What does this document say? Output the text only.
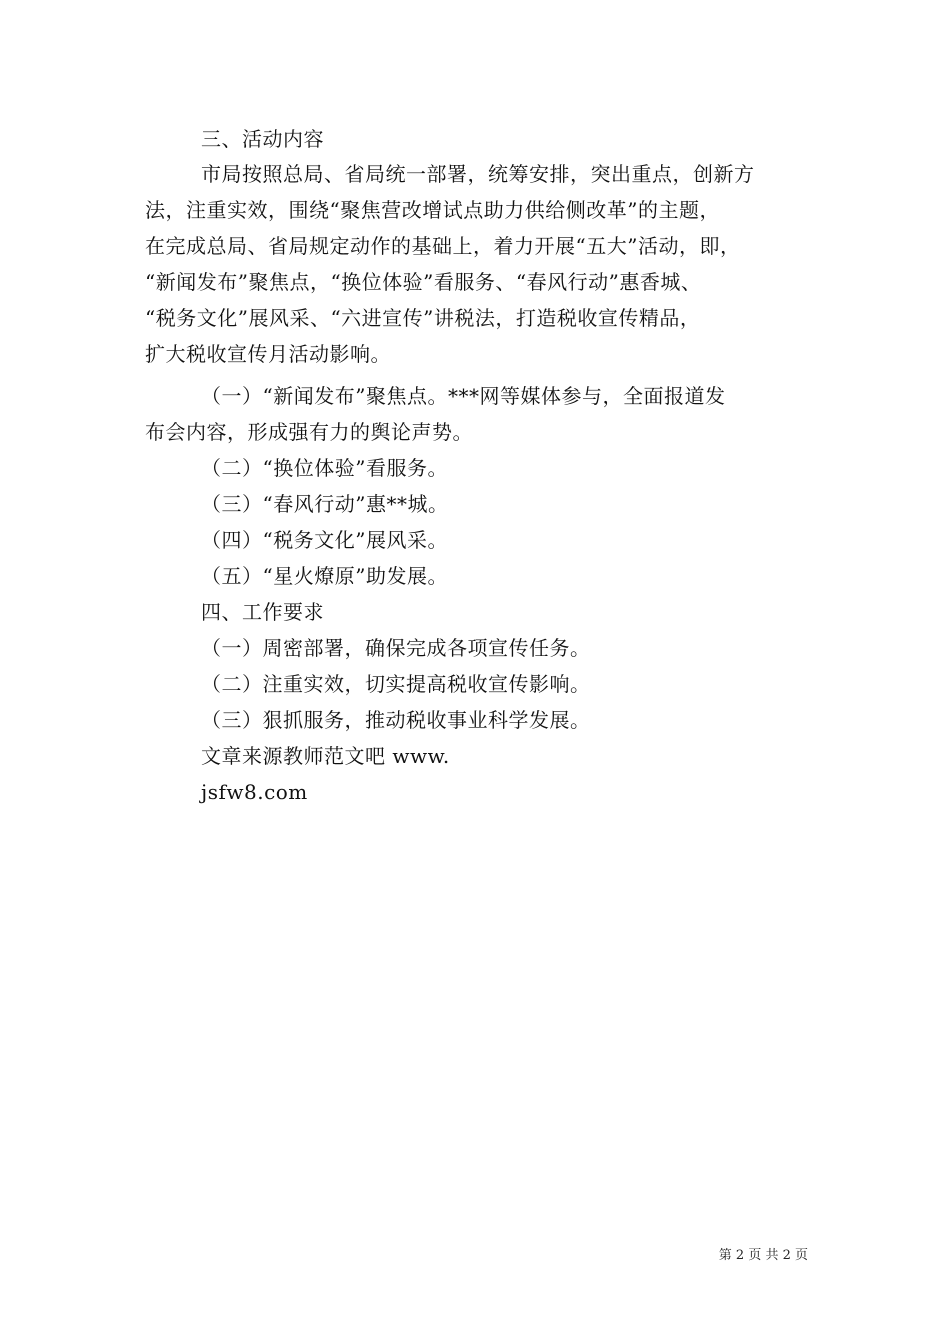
三、活动内容
市局按照总局、省局统一部署，统筹安排，突出重点，创新方
法，注重实效，围绕“聚焦营改增试点助力供给侧改革”的主题，
在完成总局、省局规定动作的基础上，着力开展“五大”活动，即，
“新闻发布”聚焦点，“换位体验”看服务、“春风行动”惠香城、
“税务文化”展风采、“六进宣传”讲税法，打造税收宣传精品，
扩大税收宣传月活动影响。
（一）“新闻发布”聚焦点。***网等媒体参与，全面报道发
布会内容，形成强有力的舆论声势。
（二）“换位体验”看服务。
（三）“春风行动”惠**城。
（四）“税务文化”展风采。
（五）“星火燎原”助发展。
四、工作要求
（一）周密部署，确保完成各项宣传任务。
（二）注重实效，切实提高税收宣传影响。
（三）狠抓服务，推动税收事业科学发展。
文章来源教师范文吧 www.
jsfw8.com
第 2 页 共 2 页
